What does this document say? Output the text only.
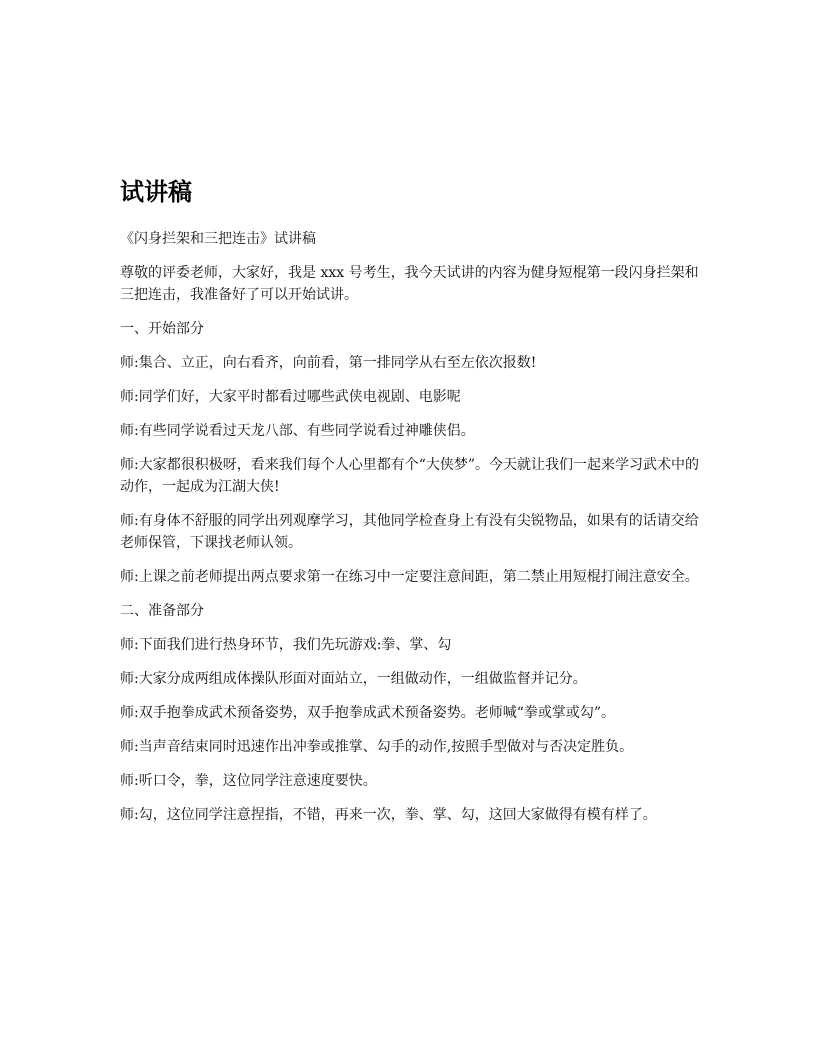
试讲稿

《闪身拦架和三把连击》试讲稿

尊敬的评委老师，大家好，我是 xxx 号考生，我今天试讲的内容为健身短棍第一段闪身拦架和三把连击，我准备好了可以开始试讲。

一、开始部分

师:集合、立正，向右看齐，向前看，第一排同学从右至左依次报数!

师:同学们好，大家平时都看过哪些武侠电视剧、电影呢

师:有些同学说看过天龙八部、有些同学说看过神雕侠侣。

师:大家都很积极呀，看来我们每个人心里都有个“大侠梦”。今天就让我们一起来学习武术中的动作，一起成为江湖大侠!

师:有身体不舒服的同学出列观摩学习，其他同学检查身上有没有尖锐物品，如果有的话请交给老师保管，下课找老师认领。

师:上课之前老师提出两点要求第一在练习中一定要注意间距，第二禁止用短棍打闹注意安全。

二、准备部分

师:下面我们进行热身环节，我们先玩游戏:拳、掌、勾

师:大家分成两组成体操队形面对面站立，一组做动作，一组做监督并记分。

师:双手抱拳成武术预备姿势，双手抱拳成武术预备姿势。老师喊“拳或掌或勾”。

师:当声音结束同时迅速作出冲拳或推掌、勾手的动作,按照手型做对与否决定胜负。

师:听口令，拳，这位同学注意速度要快。

师:勾，这位同学注意捏指，不错，再来一次，拳、掌、勾，这回大家做得有模有样了。
